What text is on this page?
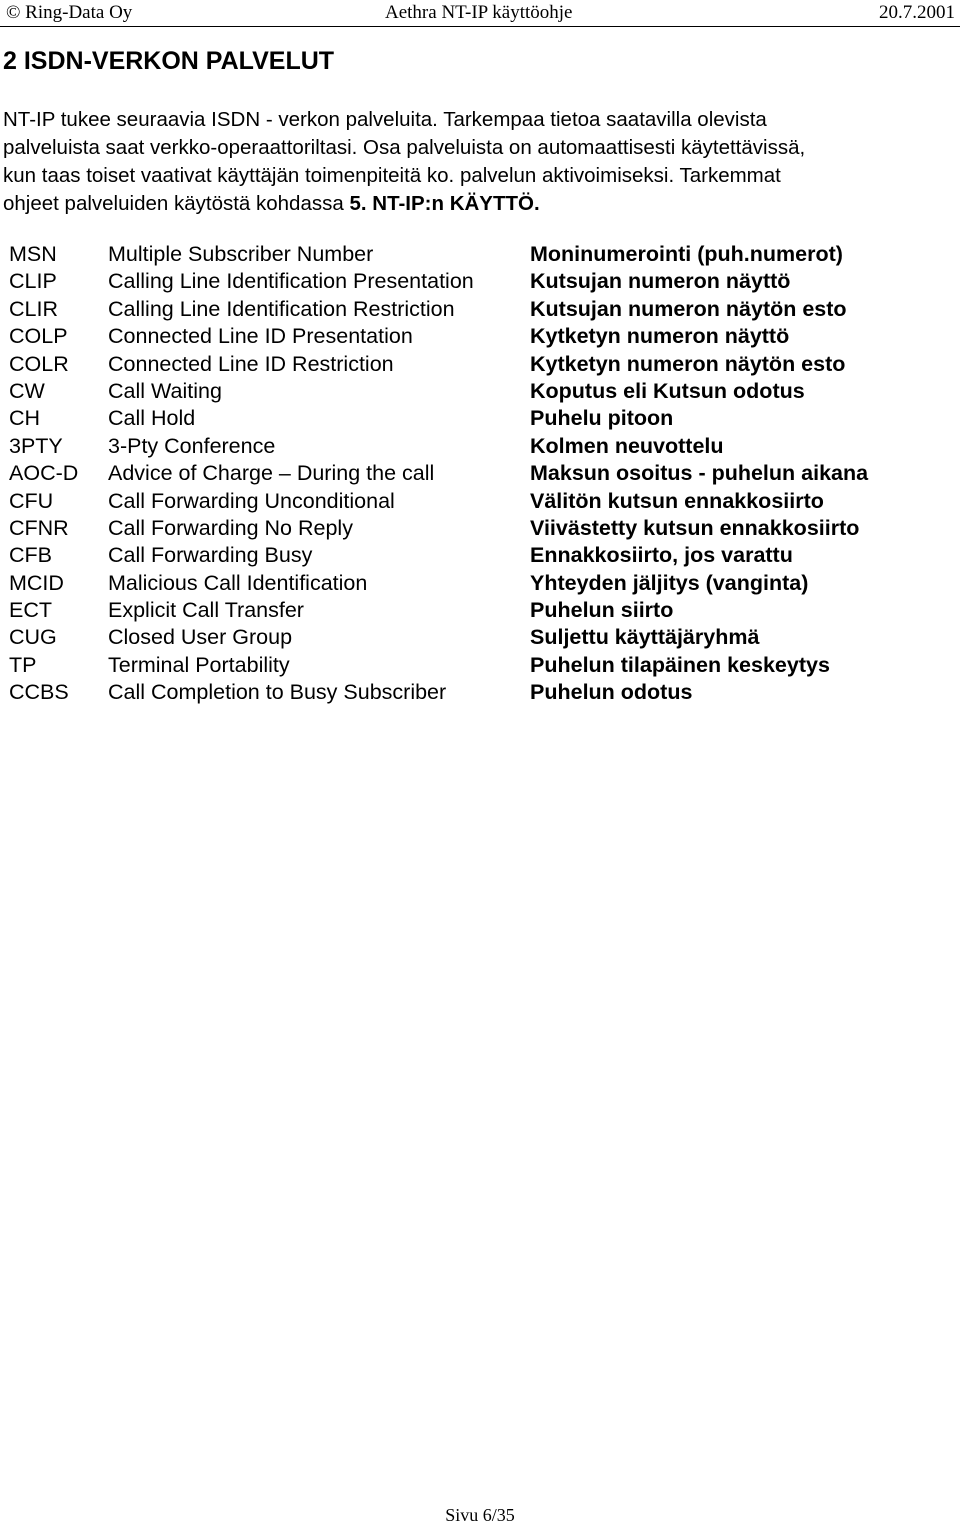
© Ring-Data Oy	Aethra NT-IP käyttöohje	20.7.2001
2 ISDN-VERKON PALVELUT

NT-IP tukee seuraavia ISDN - verkon palveluita. Tarkempaa tietoa saatavilla olevista
palveluista saat verkko-operaattoriltasi. Osa palveluista on automaattisesti käytettävissä,
kun taas toiset vaativat käyttäjän toimenpiteitä ko. palvelun aktivoimiseksi. Tarkemmat
ohjeet palveluiden käytöstä kohdassa 5. NT-IP:n KÄYTTÖ.

MSN Multiple Subscriber Number	Moninumerointi (puh.numerot)
CLIP Calling Line Identification Presentation	Kutsujan numeron näyttö
CLIR Calling Line Identification Restriction	Kutsujan numeron näytön esto
COLP Connected Line ID Presentation	Kytketyn numeron näyttö
COLR Connected Line ID Restriction	Kytketyn numeron näytön esto
CW	Call Waiting	Koputus eli Kutsun odotus
CH	Call Hold	Puhelu pitoon
3PTY 3-Pty Conference	Kolmen neuvottelu
AOC-D Advice of Charge – During the call	Maksun osoitus - puhelun aikana
CFU	Call Forwarding Unconditional	Välitön kutsun ennakkosiirto
CFNR Call Forwarding No Reply	Viivästetty kutsun ennakkosiirto
CFB	Call Forwarding Busy	Ennakkosiirto, jos varattu
MCID Malicious Call Identification	Yhteyden jäljitys (vanginta)
ECT	Explicit Call Transfer	Puhelun siirto
CUG Closed User Group	Suljettu käyttäjäryhmä
TP	Terminal Portability	Puhelun tilapäinen keskeytys
CCBS Call Completion to Busy Subscriber	Puhelun odotus
Sivu 6/35
